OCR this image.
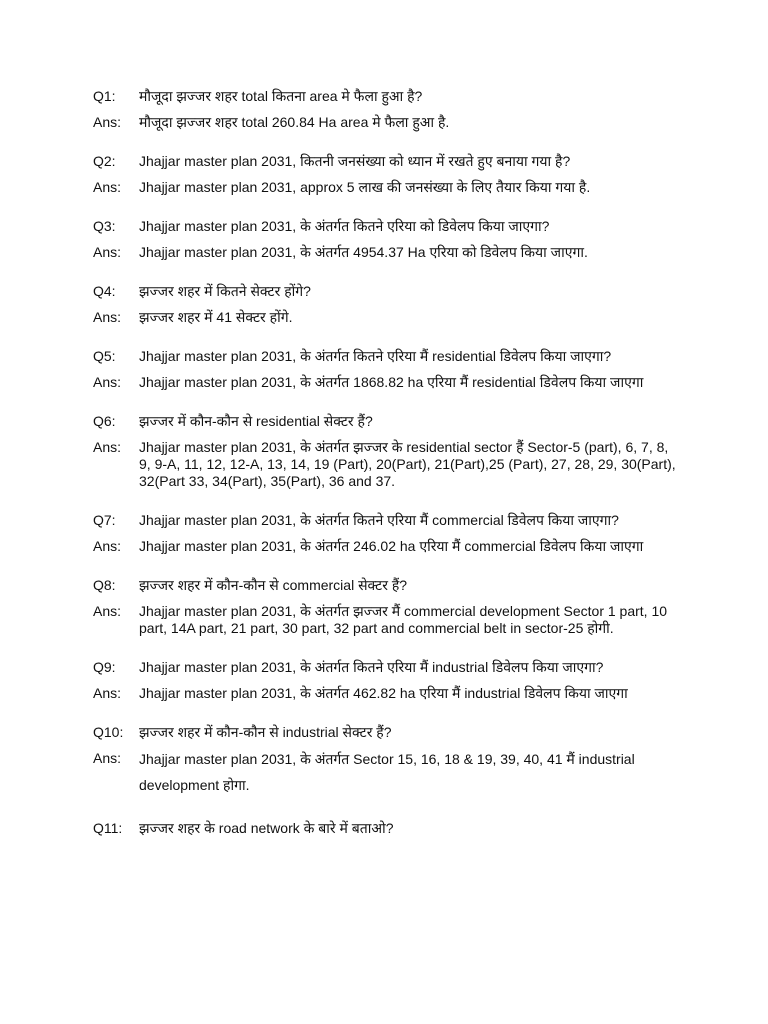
Q1:	मौजूदा झज्जर शहर total कितना area मे फैला हुआ है?
Ans:	मौजूदा झज्जर शहर total 260.84 Ha area मे फैला हुआ है.
Q2:	Jhajjar master plan 2031, कितनी जनसंख्या को ध्यान में रखते हुए बनाया गया है?
Ans:	Jhajjar master plan 2031, approx 5 लाख की जनसंख्या के लिए तैयार किया गया है.
Q3:	Jhajjar master plan 2031, के अंतर्गत कितने एरिया को डिवेलप किया जाएगा?
Ans:	Jhajjar master plan 2031, के अंतर्गत 4954.37 Ha एरिया को डिवेलप किया जाएगा.
Q4:	झज्जर शहर में कितने सेक्टर होंगे?
Ans:	झज्जर शहर में 41 सेक्टर होंगे.
Q5:	Jhajjar master plan 2031, के अंतर्गत कितने एरिया मैं residential डिवेलप किया जाएगा?
Ans:	Jhajjar master plan 2031, के अंतर्गत 1868.82 ha एरिया मैं residential डिवेलप किया जाएगा
Q6:	झज्जर में कौन-कौन से residential सेक्टर हैं?
Ans:	Jhajjar master plan 2031, के अंतर्गत झज्जर के residential sector हैं Sector-5 (part), 6, 7, 8, 9, 9-A, 11, 12, 12-A, 13, 14, 19 (Part), 20(Part), 21(Part),25 (Part), 27, 28, 29, 30(Part), 32(Part 33, 34(Part), 35(Part), 36 and 37.
Q7:	Jhajjar master plan 2031, के अंतर्गत कितने एरिया मैं commercial डिवेलप किया जाएगा?
Ans:	Jhajjar master plan 2031, के अंतर्गत 246.02 ha एरिया मैं commercial डिवेलप किया जाएगा
Q8:	झज्जर शहर में कौन-कौन से commercial सेक्टर हैं?
Ans:	Jhajjar master plan 2031, के अंतर्गत झज्जर मैं commercial development Sector 1 part, 10 part, 14A part, 21 part, 30 part, 32 part and commercial belt in sector-25 होगी.
Q9:	Jhajjar master plan 2031, के अंतर्गत कितने एरिया मैं industrial डिवेलप किया जाएगा?
Ans:	Jhajjar master plan 2031, के अंतर्गत 462.82 ha एरिया मैं industrial डिवेलप किया जाएगा
Q10:	झज्जर शहर में कौन-कौन से industrial सेक्टर हैं?
Ans:	Jhajjar master plan 2031, के अंतर्गत Sector 15, 16, 18 & 19, 39, 40, 41 मैं industrial development होगा.
Q11:	झज्जर शहर के road network के बारे में बताओ?
